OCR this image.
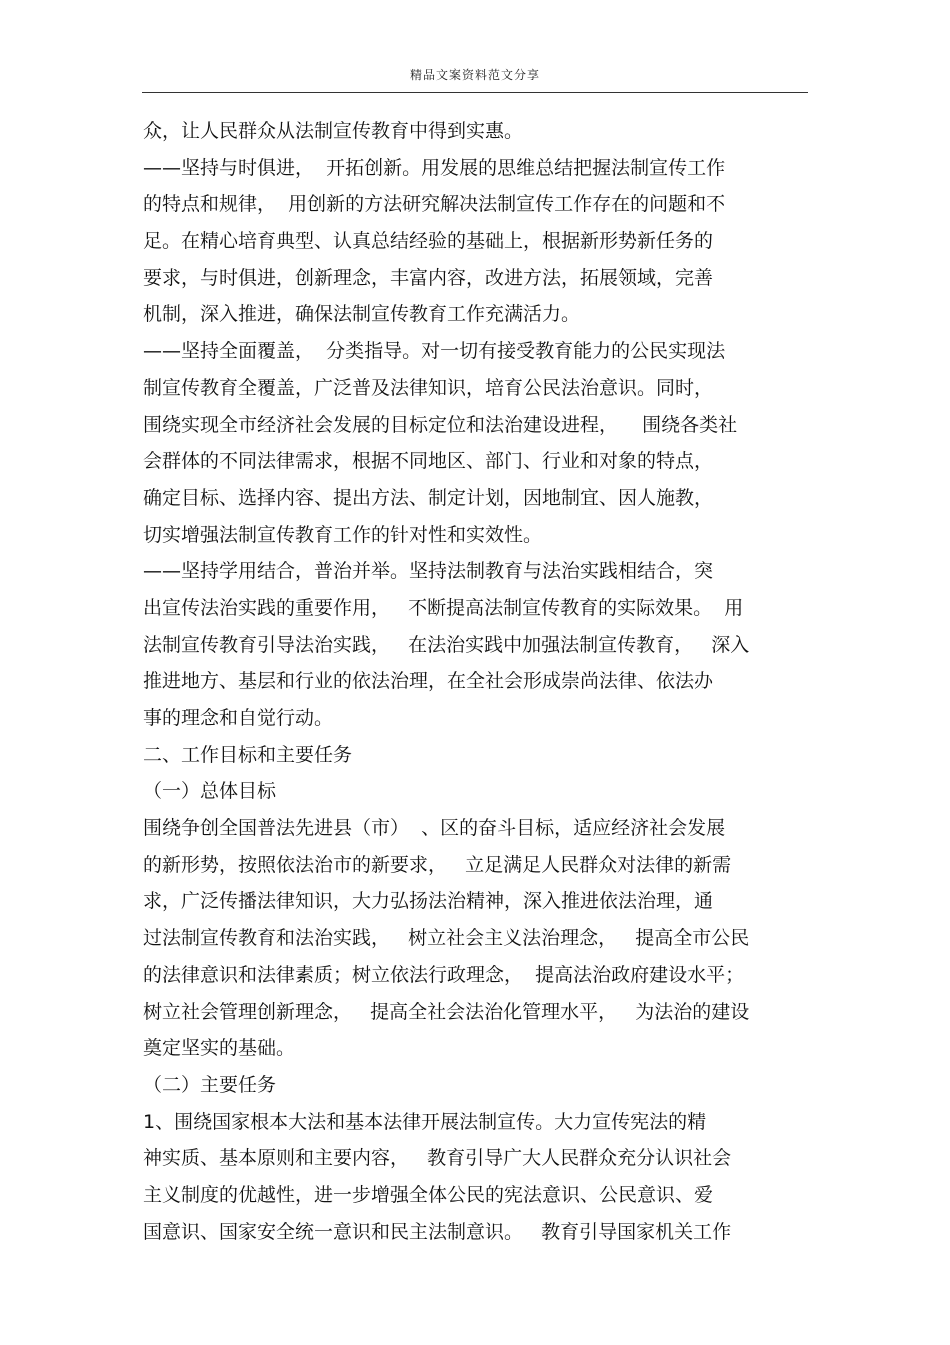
精品文案资料范文分享
众，让人民群众从法制宣传教育中得到实惠。
——坚持与时俱进，  开拓创新。用发展的思维总结把握法制宣传工作
的特点和规律，  用创新的方法研究解决法制宣传工作存在的问题和不
足。在精心培育典型、认真总结经验的基础上，根据新形势新任务的
要求，与时俱进，创新理念，丰富内容，改进方法，拓展领域，完善
机制，深入推进，确保法制宣传教育工作充满活力。
——坚持全面覆盖，  分类指导。对一切有接受教育能力的公民实现法
制宣传教育全覆盖，广泛普及法律知识，培育公民法治意识。同时，
围绕实现全市经济社会发展的目标定位和法治建设进程，    围绕各类社
会群体的不同法律需求，根据不同地区、部门、行业和对象的特点，
确定目标、选择内容、提出方法、制定计划，因地制宜、因人施教，
切实增强法制宣传教育工作的针对性和实效性。
——坚持学用结合，普治并举。坚持法制教育与法治实践相结合，突
出宣传法治实践的重要作用，   不断提高法制宣传教育的实际效果。  用
法制宣传教育引导法治实践，   在法治实践中加强法制宣传教育，   深入
推进地方、基层和行业的依法治理，在全社会形成崇尚法律、依法办
事的理念和自觉行动。
二、工作目标和主要任务
（一）总体目标
围绕争创全国普法先进县（市）  、区的奋斗目标，适应经济社会发展
的新形势，按照依法治市的新要求，   立足满足人民群众对法律的新需
求，广泛传播法律知识，大力弘扬法治精神，深入推进依法治理，通
过法制宣传教育和法治实践，   树立社会主义法治理念，   提高全市公民
的法律意识和法律素质；树立依法行政理念，  提高法治政府建设水平；
树立社会管理创新理念，   提高全社会法治化管理水平，   为法治的建设
奠定坚实的基础。
（二）主要任务
1、围绕国家根本大法和基本法律开展法制宣传。大力宣传宪法的精
神实质、基本原则和主要内容，   教育引导广大人民群众充分认识社会
主义制度的优越性，进一步增强全体公民的宪法意识、公民意识、爱
国意识、国家安全统一意识和民主法制意识。   教育引导国家机关工作
